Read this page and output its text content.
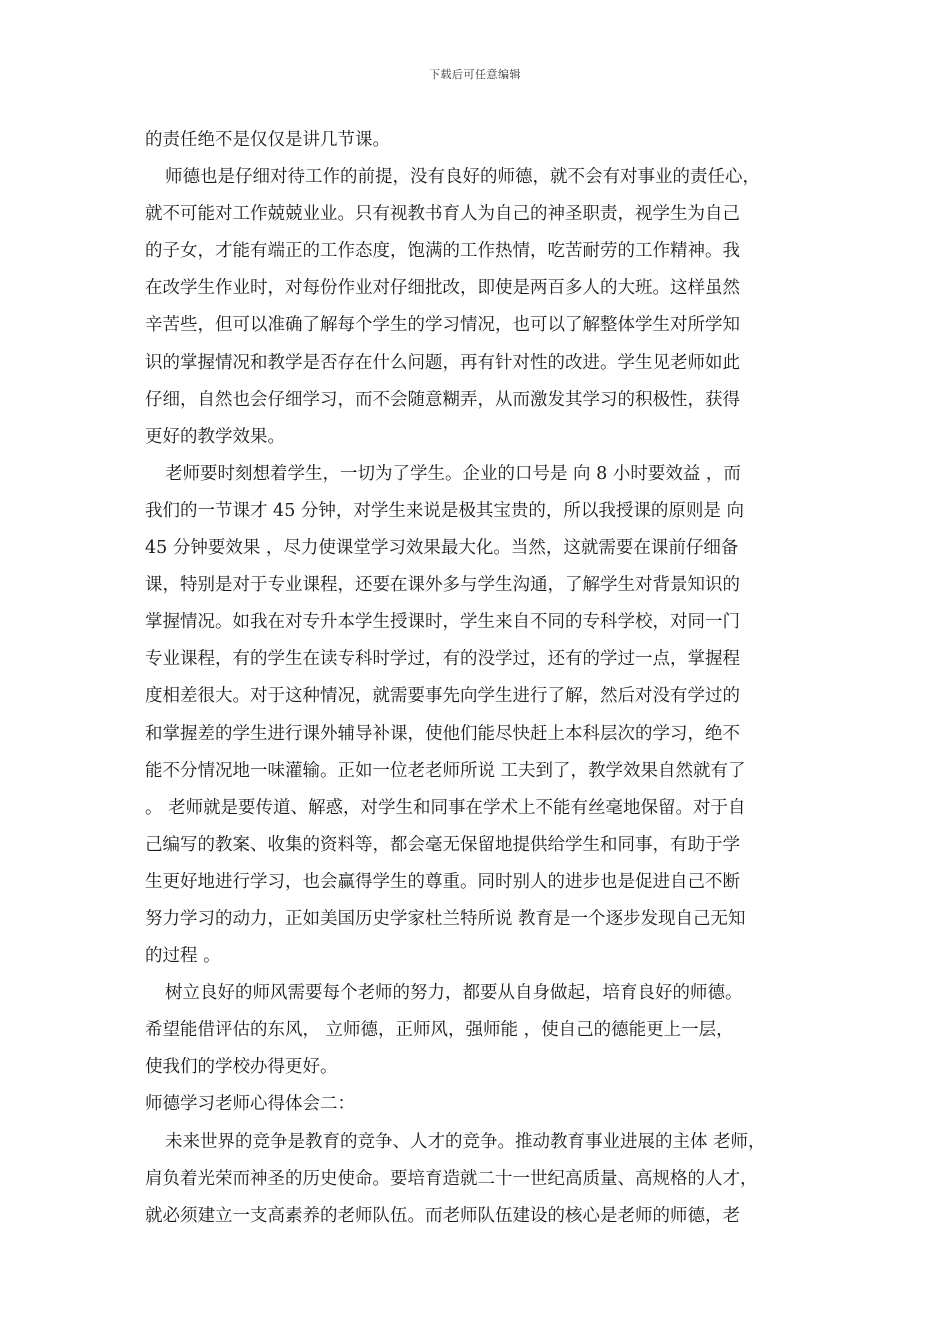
下载后可任意编辑
的责任绝不是仅仅是讲几节课。
师德也是仔细对待工作的前提，没有良好的师德，就不会有对事业的责任心，
就不可能对工作兢兢业业。只有视教书育人为自己的神圣职责，视学生为自己
的子女，才能有端正的工作态度，饱满的工作热情，吃苦耐劳的工作精神。我
在改学生作业时，对每份作业对仔细批改，即使是两百多人的大班。这样虽然
辛苦些，但可以准确了解每个学生的学习情况，也可以了解整体学生对所学知
识的掌握情况和教学是否存在什么问题，再有针对性的改进。学生见老师如此
仔细，自然也会仔细学习，而不会随意糊弄，从而激发其学习的积极性，获得
更好的教学效果。
老师要时刻想着学生，一切为了学生。企业的口号是 向 8 小时要效益 ，而
我们的一节课才 45 分钟，对学生来说是极其宝贵的，所以我授课的原则是 向
45 分钟要效果 ，尽力使课堂学习效果最大化。当然，这就需要在课前仔细备
课，特别是对于专业课程，还要在课外多与学生沟通，了解学生对背景知识的
掌握情况。如我在对专升本学生授课时，学生来自不同的专科学校，对同一门
专业课程，有的学生在读专科时学过，有的没学过，还有的学过一点，掌握程
度相差很大。对于这种情况，就需要事先向学生进行了解，然后对没有学过的
和掌握差的学生进行课外辅导补课，使他们能尽快赶上本科层次的学习，绝不
能不分情况地一味灌输。正如一位老老师所说 工夫到了，教学效果自然就有了
。 老师就是要传道、解惑，对学生和同事在学术上不能有丝毫地保留。对于自
己编写的教案、收集的资料等，都会毫无保留地提供给学生和同事，有助于学
生更好地进行学习，也会赢得学生的尊重。同时别人的进步也是促进自己不断
努力学习的动力，正如美国历史学家杜兰特所说 教育是一个逐步发现自己无知
的过程 。
树立良好的师风需要每个老师的努力，都要从自身做起，培育良好的师德。
希望能借评估的东风， 立师德，正师风，强师能 ，使自己的德能更上一层，
使我们的学校办得更好。
师德学习老师心得体会二：
未来世界的竞争是教育的竞争、人才的竞争。推动教育事业进展的主体 老师，
肩负着光荣而神圣的历史使命。要培育造就二十一世纪高质量、高规格的人才，
就必须建立一支高素养的老师队伍。而老师队伍建设的核心是老师的师德，老
